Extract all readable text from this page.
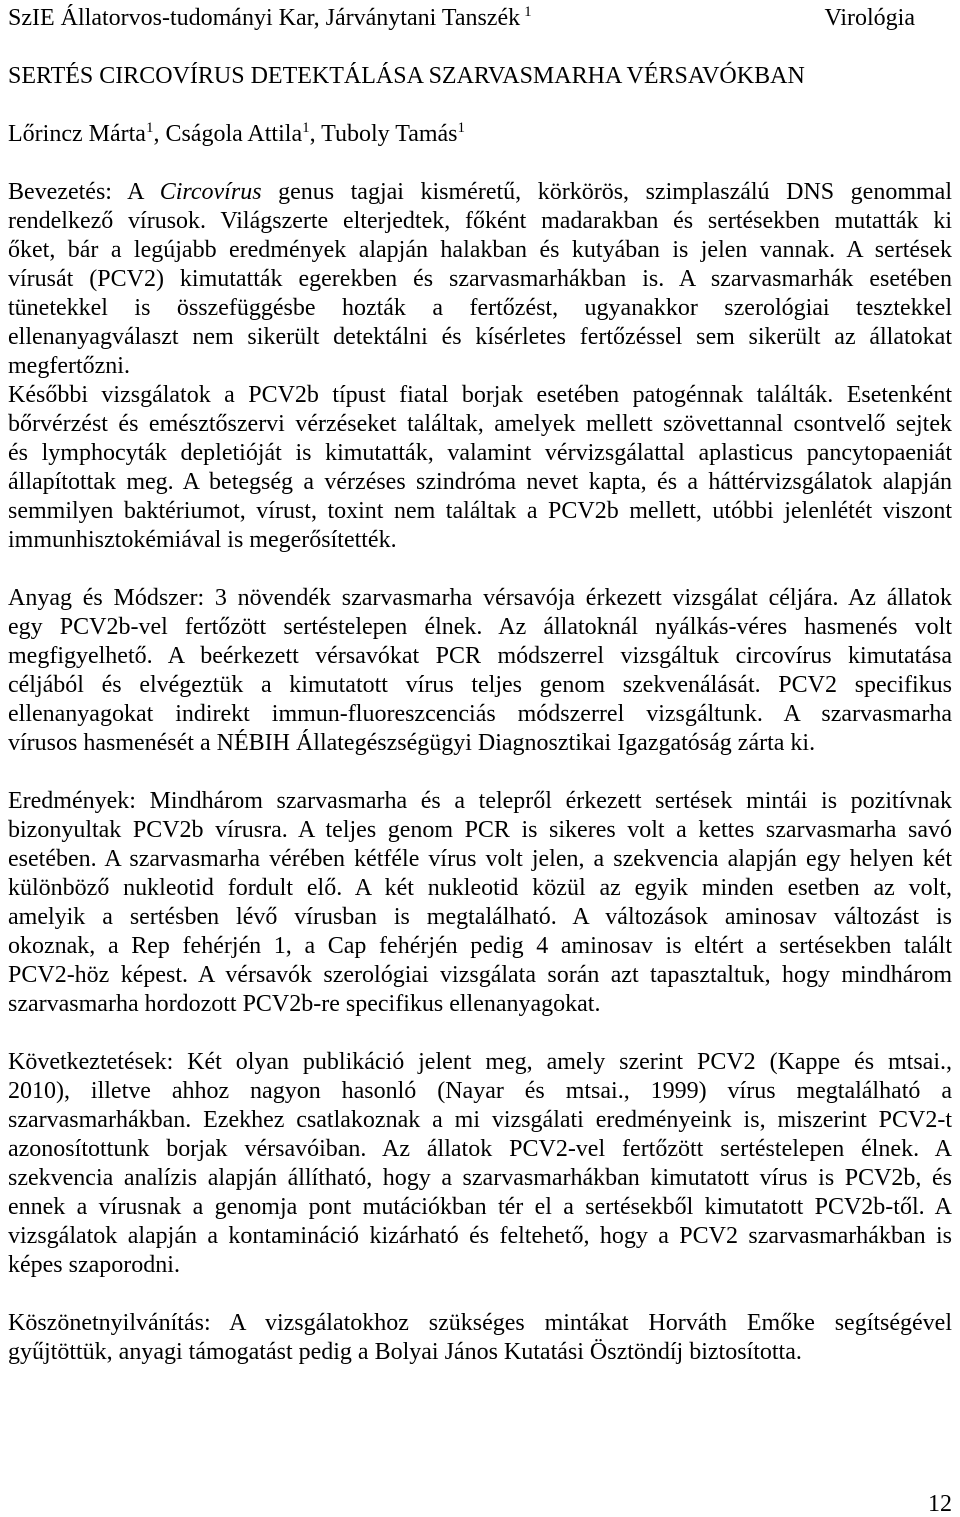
SzIE Állatorvos-tudományi Kar, Járványtani Tanszék $^1$	Virológia
SERTÉS CIRCOVÍRUS DETEKTÁLÁSA SZARVASMARHA VÉRSAVÓKBAN
Lőrincz Márta$^1$, Cságola Attila$^1$, Tuboly Tamás$^1$
Bevezetés: A Circovírus genus tagjai kisméretű, körkörös, szimplaszálú DNS genommal
rendelkező vírusok. Világszerte elterjedtek, főként madarakban és sertésekben mutatták ki
őket, bár a legújabb eredmények alapján halakban és kutyában is jelen vannak. A sertések
vírusát (PCV2) kimutatták egerekben és szarvasmarhákban is. A szarvasmarhák esetében
tünetekkel is összefüggésbe hozták a fertőzést, ugyanakkor szerológiai tesztekkel
ellenanyagválaszt nem sikerült detektálni és kísérletes fertőzéssel sem sikerült az állatokat
megfertőzni.
Későbbi vizsgálatok a PCV2b típust fiatal borjak esetében patogénnak találták. Esetenként
bőrvérzést és emésztőszervi vérzéseket találtak, amelyek mellett szövettannal csontvelő sejtek
és lymphocyták depletióját is kimutatták, valamint vérvizsgálattal aplasticus pancytopaeniát
állapítottak meg. A betegség a vérzéses szindróma nevet kapta, és a háttérvizsgálatok alapján
semmilyen baktériumot, vírust, toxint nem találtak a PCV2b mellett, utóbbi jelenlétét viszont
immunhisztokémiával is megerősítették.
Anyag és Módszer: 3 növendék szarvasmarha vérsavója érkezett vizsgálat céljára. Az állatok
egy PCV2b-vel fertőzött sertéstelepen élnek. Az állatoknál nyálkás-véres hasmenés volt
megfigyelhető. A beérkezett vérsavókat PCR módszerrel vizsgáltuk circovírus kimutatása
céljából és elvégeztük a kimutatott vírus teljes genom szekvenálását. PCV2 specifikus
ellenanyagokat indirekt immun-fluoreszcenciás módszerrel vizsgáltunk. A szarvasmarha
vírusos hasmenését a NÉBIH Állategészségügyi Diagnosztikai Igazgatóság zárta ki.
Eredmények: Mindhárom szarvasmarha és a telepről érkezett sertések mintái is pozitívnak
bizonyultak PCV2b vírusra. A teljes genom PCR is sikeres volt a kettes szarvasmarha savó
esetében. A szarvasmarha vérében kétféle vírus volt jelen, a szekvencia alapján egy helyen két
különböző nukleotid fordult elő. A két nukleotid közül az egyik minden esetben az volt,
amelyik a sertésben lévő vírusban is megtalálható. A változások aminosav változást is
okoznak, a Rep fehérjén 1, a Cap fehérjén pedig 4 aminosav is eltért a sertésekben talált
PCV2-höz képest. A vérsavók szerológiai vizsgálata során azt tapasztaltuk, hogy mindhárom
szarvasmarha hordozott PCV2b-re specifikus ellenanyagokat.
Következtetések: Két olyan publikáció jelent meg, amely szerint PCV2 (Kappe és mtsai.,
2010), illetve ahhoz nagyon hasonló (Nayar és mtsai., 1999) vírus megtalálható a
szarvasmarhákban. Ezekhez csatlakoznak a mi vizsgálati eredményeink is, miszerint PCV2-t
azonosítottunk borjak vérsavóiban. Az állatok PCV2-vel fertőzött sertéstelepen élnek. A
szekvencia analízis alapján állítható, hogy a szarvasmarhákban kimutatott vírus is PCV2b, és
ennek a vírusnak a genomja pont mutációkban tér el a sertésekből kimutatott PCV2b-től. A
vizsgálatok alapján a kontamináció kizárható és feltehető, hogy a PCV2 szarvasmarhákban is
képes szaporodni.
Köszönetnyilvánítás: A vizsgálatokhoz szükséges mintákat Horváth Emőke segítségével
gyűjtöttük, anyagi támogatást pedig a Bolyai János Kutatási Ösztöndíj biztosította.
12
